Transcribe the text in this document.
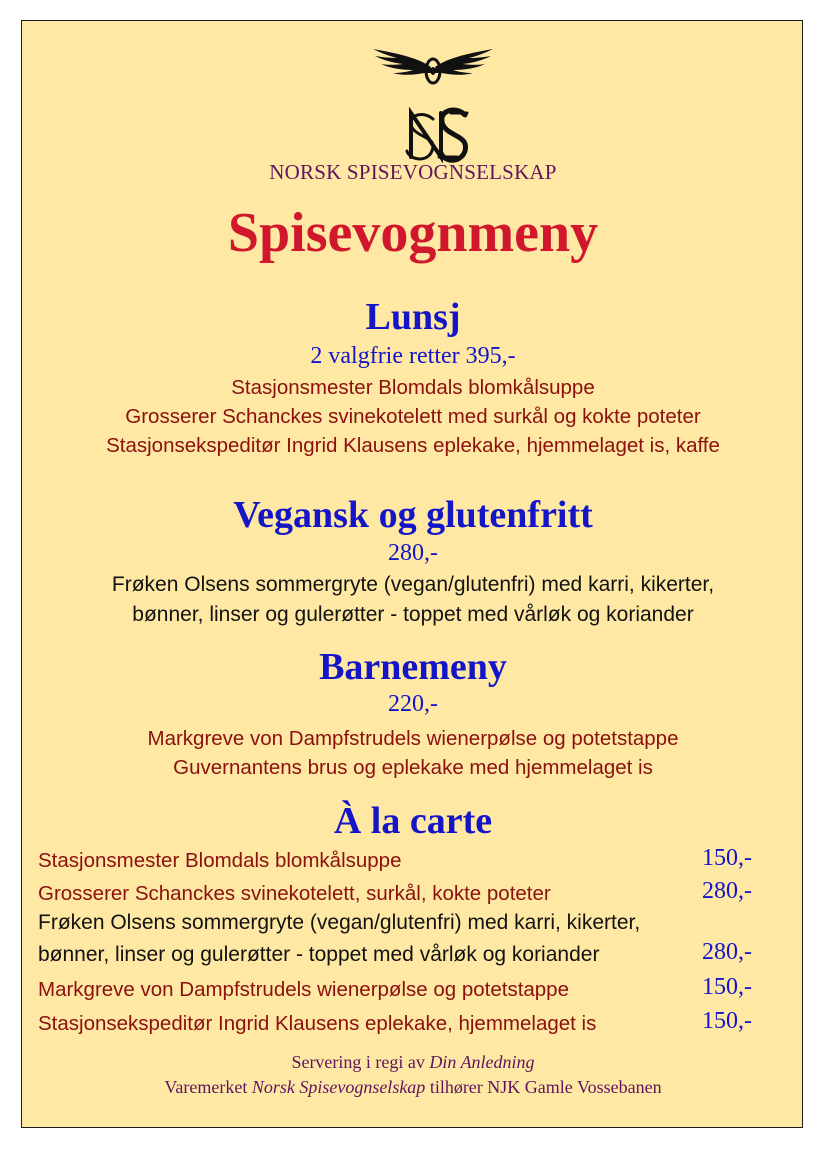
NORSK SPISEVOGNSELSKAP
Spisevognmeny
Lunsj
2 valgfrie retter 395,-
Stasjonsmester Blomdals blomkålsuppe
Grosserer Schanckes svinekotelett med surkål og kokte poteter
Stasjonsekspeditør Ingrid Klausens eplekake, hjemmelaget is, kaffe
Vegansk og glutenfritt
280,-
Frøken Olsens sommergryte (vegan/glutenfri) med karri, kikerter,
bønner, linser og gulerøtter - toppet med vårløk og koriander
Barnemeny
220,-
Markgreve von Dampfstrudels wienerpølse og potetstappe
Guvernantens brus og eplekake med hjemmelaget is
À la carte
Stasjonsmester Blomdals blomkålsuppe	150,-
Grosserer Schanckes svinekotelett, surkål, kokte poteter	280,-
Frøken Olsens sommergryte (vegan/glutenfri) med karri, kikerter,
bønner, linser og gulerøtter - toppet med vårløk og koriander	280,-
Markgreve von Dampfstrudels wienerpølse og potetstappe	150,-
Stasjonsekspeditør Ingrid Klausens eplekake, hjemmelaget is	150,-
Servering i regi av Din Anledning
Varemerket Norsk Spisevognselskap tilhører NJK Gamle Vossebanen
